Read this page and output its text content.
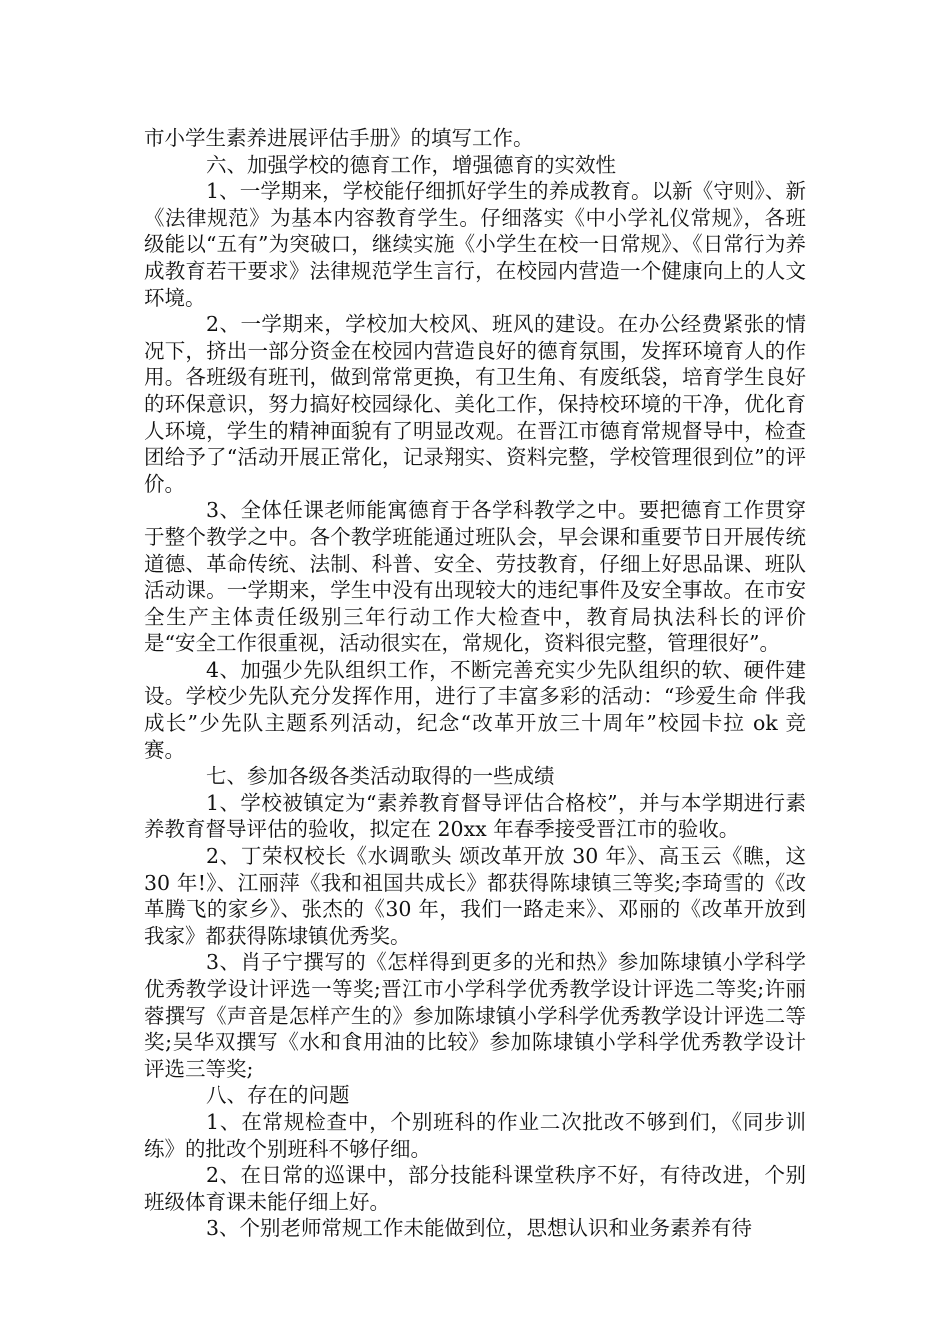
市小学生素养进展评估手册》的填写工作。

六、加强学校的德育工作，增强德育的实效性

1、一学期来，学校能仔细抓好学生的养成教育。以新《守则》、新《法律规范》为基本内容教育学生。仔细落实《中小学礼仪常规》，各班级能以“五有”为突破口，继续实施《小学生在校一日常规》、《日常行为养成教育若干要求》法律规范学生言行，在校园内营造一个健康向上的人文环境。

2、一学期来，学校加大校风、班风的建设。在办公经费紧张的情况下，挤出一部分资金在校园内营造良好的德育氛围，发挥环境育人的作用。各班级有班刊，做到常常更换，有卫生角、有废纸袋，培育学生良好的环保意识，努力搞好校园绿化、美化工作，保持校环境的干净，优化育人环境，学生的精神面貌有了明显改观。在晋江市德育常规督导中，检查团给予了“活动开展正常化，记录翔实、资料完整，学校管理很到位”的评价。

3、全体任课老师能寓德育于各学科教学之中。要把德育工作贯穿于整个教学之中。各个教学班能通过班队会，早会课和重要节日开展传统道德、革命传统、法制、科普、安全、劳技教育，仔细上好思品课、班队活动课。一学期来，学生中没有出现较大的违纪事件及安全事故。在市安全生产主体责任级别三年行动工作大检查中，教育局执法科长的评价是“安全工作很重视，活动很实在，常规化，资料很完整，管理很好”。

4、加强少先队组织工作，不断完善充实少先队组织的软、硬件建设。学校少先队充分发挥作用，进行了丰富多彩的活动：“珍爱生命 伴我成长”少先队主题系列活动，纪念“改革开放三十周年”校园卡拉 ok 竞赛。

七、参加各级各类活动取得的一些成绩

1、学校被镇定为“素养教育督导评估合格校”，并与本学期进行素养教育督导评估的验收，拟定在 20xx 年春季接受晋江市的验收。

2、丁荣权校长《水调歌头 颂改革开放 30 年》、高玉云《瞧，这 30 年!》、江丽萍《我和祖国共成长》都获得陈埭镇三等奖;李琦雪的《改革腾飞的家乡》、张杰的《30 年，我们一路走来》、邓丽的《改革开放到我家》都获得陈埭镇优秀奖。

3、肖子宁撰写的《怎样得到更多的光和热》参加陈埭镇小学科学优秀教学设计评选一等奖;晋江市小学科学优秀教学设计评选二等奖;许丽蓉撰写《声音是怎样产生的》参加陈埭镇小学科学优秀教学设计评选二等奖;吴华双撰写《水和食用油的比较》参加陈埭镇小学科学优秀教学设计评选三等奖;

八、存在的问题

1、在常规检查中，个别班科的作业二次批改不够到们，《同步训练》的批改个别班科不够仔细。

2、在日常的巡课中，部分技能科课堂秩序不好，有待改进，个别班级体育课未能仔细上好。

3、个别老师常规工作未能做到位，思想认识和业务素养有待
